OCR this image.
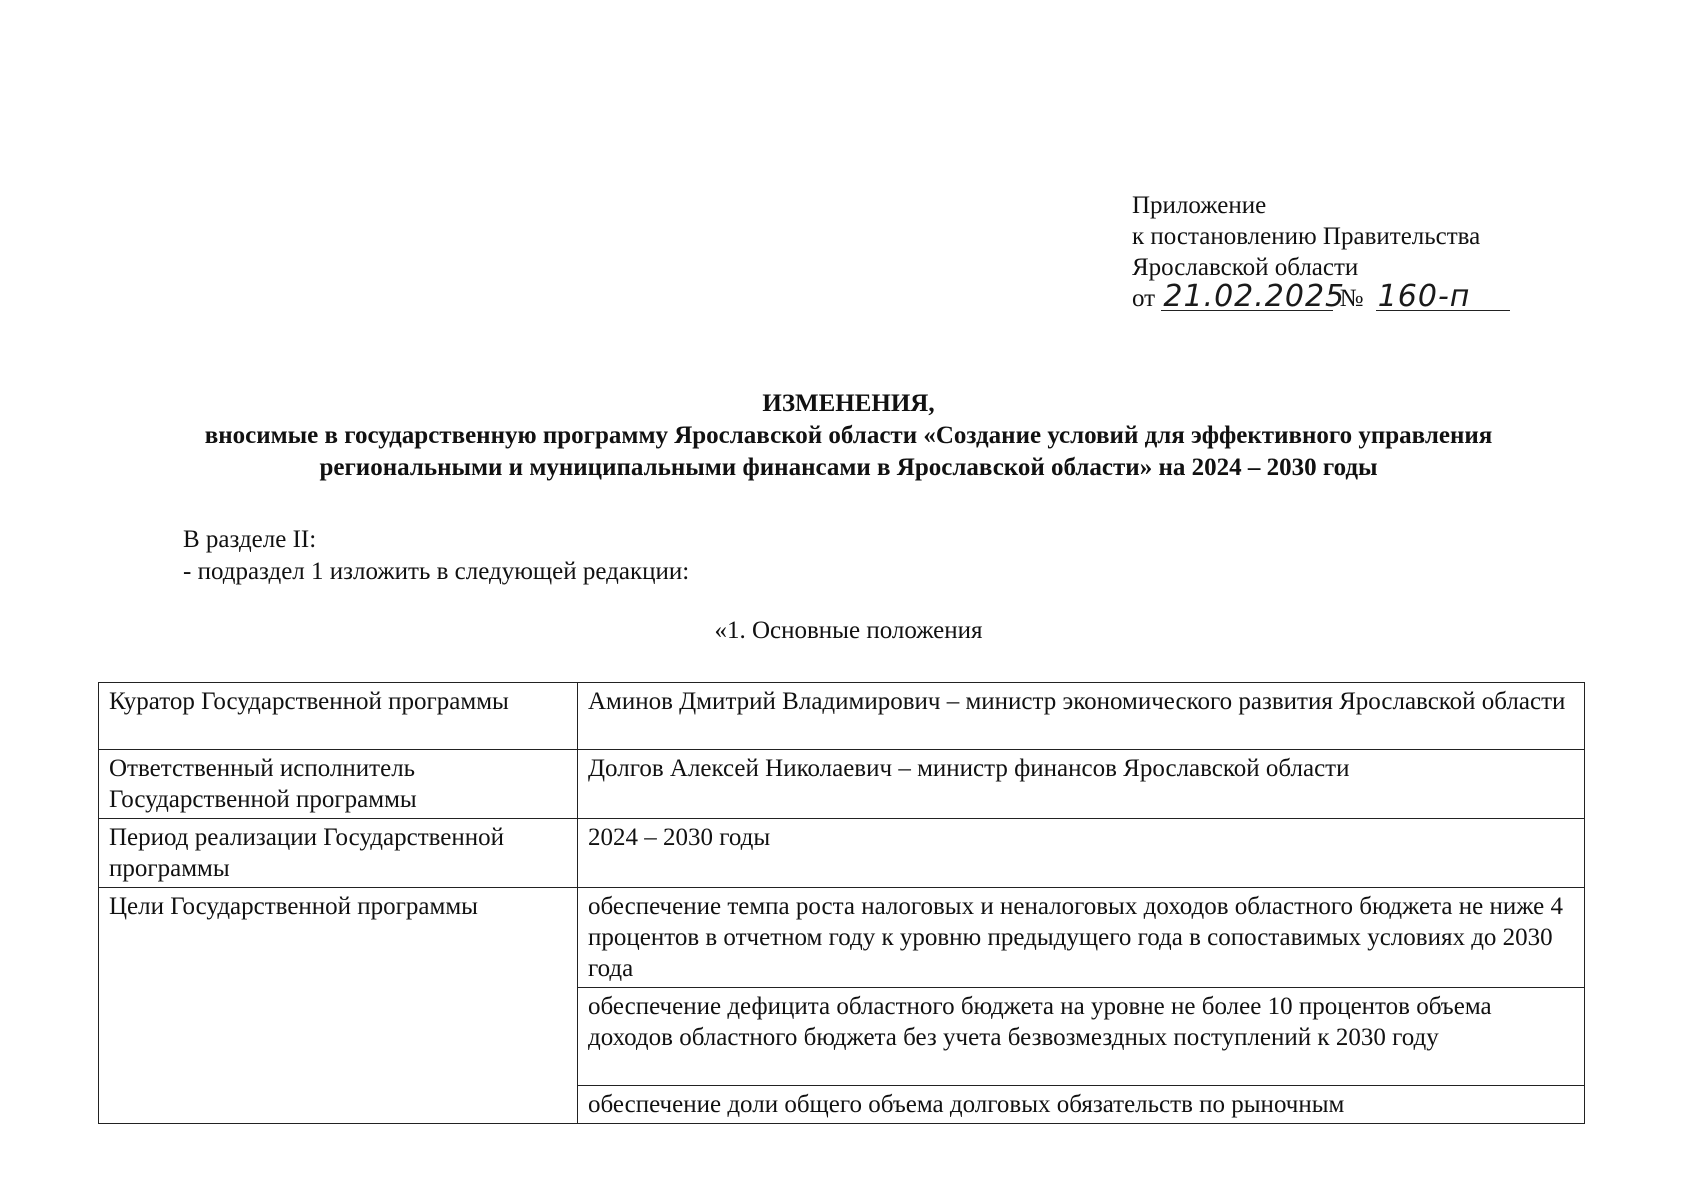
Приложение
к постановлению Правительства
Ярославской области
от 21.02.2025 № 160-п
ИЗМЕНЕНИЯ,
вносимые в государственную программу Ярославской области «Создание условий для эффективного управления
региональными и муниципальными финансами в Ярославской области» на 2024 – 2030 годы
В разделе II:
- подраздел 1 изложить в следующей редакции:
«1. Основные положения
Куратор Государственной программы	Аминов Дмитрий Владимирович – министр экономического развития Ярославской области
Ответственный исполнитель Государственной программы	Долгов Алексей Николаевич – министр финансов Ярославской области
Период реализации Государственной программы	2024 – 2030 годы
Цели Государственной программы	обеспечение темпа роста налоговых и неналоговых доходов областного бюджета не ниже 4 процентов в отчетном году к уровню предыдущего года в сопоставимых условиях до 2030 года
	обеспечение дефицита областного бюджета на уровне не более 10 процентов объема доходов областного бюджета без учета безвозмездных поступлений к 2030 году
	обеспечение доли общего объема долговых обязательств по рыночным
